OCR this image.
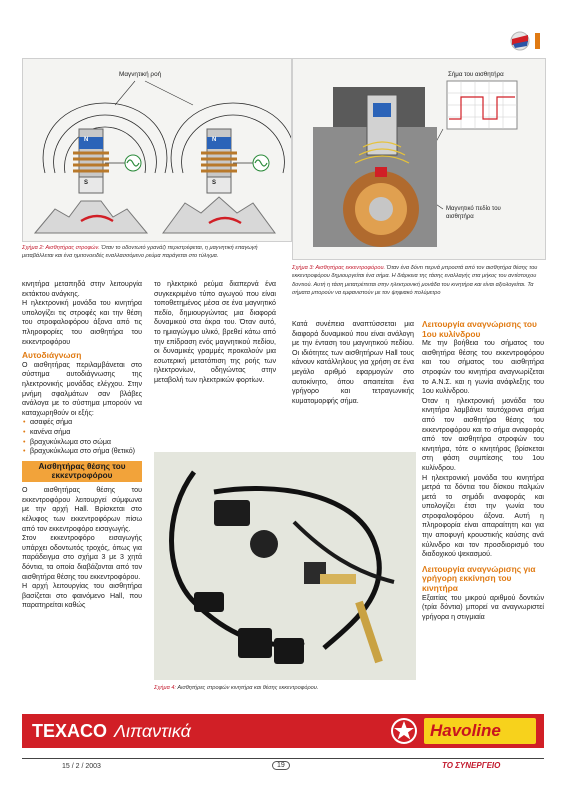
Μαγνητική ροή
N
S
N
S
Σχήμα 2: Αισθητήρας στροφών. Όταν το οδοντωτό γρανάζι περιστρέφεται, η μαγνητική επαγωγή μεταβάλλεται και ένα ημιτονοειδές εναλλασσόμενο ρεύμα παράγεται στο τύλιγμα.
Σήμα του αισθητήρα
Μαγνητικό πεδίο του αισθητήρα
Σχήμα 3: Αισθητήρας εκκεντροφόρου. Όταν ένα δόντι περνά μπροστά από τον αισθητήρα θέσης του εκκεντροφόρου δημιουργείται ένα σήμα. Η διάρκεια της τάσης εναλλαγής στα μήκος του αντίστοιχου δοντιού. Αυτή η τάση μετατρέπεται στην ηλεκτρονική μονάδα του κινητήρα και είναι αξιολογείται. Τα σήματα μπορούν να εμφανιστούν με τον ψηφιακό πολύμετρο
κινητήρα μεταπηδά στην λειτουργία εκτάκτου ανάγκης.
Η ηλεκτρονική μονάδα του κινητήρα υπολογίζει τις στροφές και την θέση του στροφαλοφόρου άξονα από τις πληροφορίες του αισθητήρα του εκκεντροφόρου
Αυτοδιάγνωση
Ο αισθητήρας περιλαμβάνεται στο σύστημα αυτοδιάγνωσης της ηλεκτρονικής μονάδας ελέγχου. Στην μνήμη σφαλμάτων σαν βλάβες ανάλογα με το σύστημα μπορούν να καταχωρηθούν οι εξής:
• ασαφές σήμα
• κανένα σήμα
• βραχυκύκλωμα στο σώμα
• βραχυκύκλωμα στο σήμα (θετικό)
Αισθητήρας θέσης του εκκεντροφόρου
Ο αισθητήρας θέσης του εκκεντροφόρου λειτουργεί σύμφωνα με την αρχή Hall. Βρίσκεται στο κέλυφος των εκκεντροφόρων πίσω από τον εκκεντροφόρο εισαγωγής.
Στον εκκεντροφόρο εισαγωγής υπάρχει οδοντωτός τροχός, όπως για παράδειγμα στο σχήμα 3 με 3 χητά δόντια, τα οποία διαβάζονται από τον αισθητήρα θέσης του εκκεντροφόρου.
Η αρχή λειτουργίας του αισθητήρα βασίζεται στο φαινόμενο Hall, που παρατηρείται καθώς
το ηλεκτρικό ρεύμα διαπερνά ένα συγκεκριμένο τύπο αγωγού που είναι τοποθετημένος μέσα σε ένα μαγνητικό πεδίο, δημιουργώντας μια διαφορά δυναμικού στα άκρα του. Όταν αυτό, το ημιαγώγιμο υλικό, βρεθεί κάτω από την επίδραση ενός μαγνητικού πεδίου, οι δυναμικές γραμμές προκαλούν μια εσωτερική μετατόπιση της ροής των ηλεκτρονίων, οδηγώντας στην μεταβολή των ηλεκτρικών φορτίων.
Κατά συνέπεια αναπτύσσεται μια διαφορά δυναμικού που είναι ανάλογη με την ένταση του μαγνητικού πεδίου. Οι ιδιότητες των αισθητήρων Hall τους κάνουν κατάλληλους για χρήση σε ένα μεγάλο αριθμό εφαρμογών στο αυτοκίνητο, όπου απαιτείται ένα γρήγορο και τετραγωνικής κυματομορφής σήμα.
Λειτουργία αναγνώρισης του 1ου κυλίνδρου
Με την βοήθεια του σήματος του αισθητήρα θέσης του εκκεντροφόρου και του σήματος του αισθητήρα στροφών του κινητήρα αναγνωρίζεται το Α.Ν.Σ. και η γωνία ανάφλεξης του 1ου κυλίνδρου.
Όταν η ηλεκτρονική μονάδα του κινητήρα λαμβάνει ταυτόχρονα σήμα από τον αισθητήρα θέσης του εκκεντροφόρου και το σήμα αναφοράς από τον αισθητήρα στροφών του κινητήρα, τότε ο κινητήρας βρίσκεται στη φάση συμπίεσης του 1ου κυλίνδρου.
Η ηλεκτρονική μονάδα του κινητήρα μετρά τα δόντια του δίσκου παλμών μετά το σημάδι αναφοράς και υπολογίζει έτσι την γωνία του στροφαλοφόρου άξονα. Αυτή η πληροφορία είναι απαραίτητη και για την αποφυγή κρουστικής καύσης ανά κύλινδρο και τον προσδιορισμό του διαδοχικού ψεκασμού.
Λειτουργία αναγνώρισης για γρήγορη εκκίνηση του κινητήρα
Εξαιτίας του μικρού αριθμού δοντιών (τρία δόντια) μπορεί να αναγνωριστεί γρήγορα η στιγμιαία
Σχήμα 4: Αισθητήρες στροφών κινητήρα και θέσης εκκεντροφόρου.
TEXACO Λιπαντικά	Havoline
15 / 2 / 2003	19	ΤΟ ΣΥΝΕΡΓΕΙΟ
